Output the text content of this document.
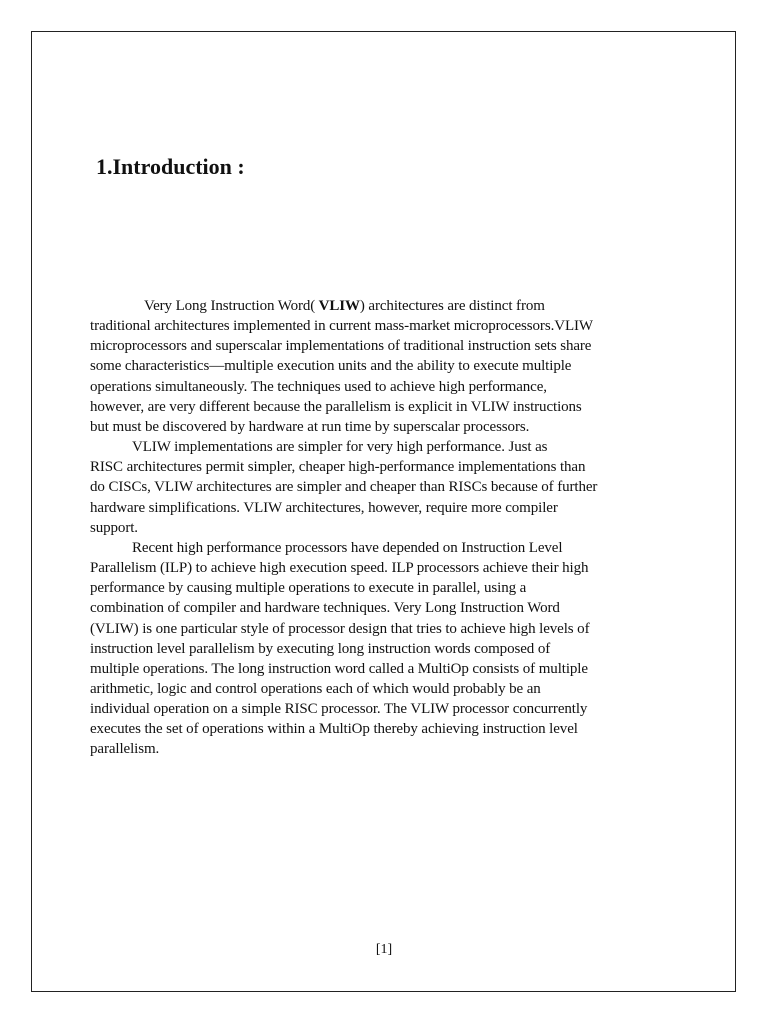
1.Introduction :

Very Long Instruction Word( VLIW) architectures are distinct from
traditional architectures implemented in current mass-market microprocessors.VLIW
microprocessors and superscalar implementations of traditional instruction sets share
some characteristics—multiple execution units and the ability to execute multiple
operations simultaneously. The techniques used to achieve high performance,
however, are very different because the parallelism is explicit in VLIW instructions
but must be discovered by hardware at run time by superscalar processors.

VLIW implementations are simpler for very high performance. Just as
RISC architectures permit simpler, cheaper high-performance implementations than
do CISCs, VLIW architectures are simpler and cheaper than RISCs because of further
hardware simplifications. VLIW architectures, however, require more compiler
support.

Recent high performance processors have depended on Instruction Level
Parallelism (ILP) to achieve high execution speed. ILP processors achieve their high
performance by causing multiple operations to execute in parallel, using a
combination of compiler and hardware techniques. Very Long Instruction Word
(VLIW) is one particular style of processor design that tries to achieve high levels of
instruction level parallelism by executing long instruction words composed of
multiple operations. The long instruction word called a MultiOp consists of multiple
arithmetic, logic and control operations each of which would probably be an
individual operation on a simple RISC processor. The VLIW processor concurrently
executes the set of operations within a MultiOp thereby achieving instruction level
parallelism.

[1]
